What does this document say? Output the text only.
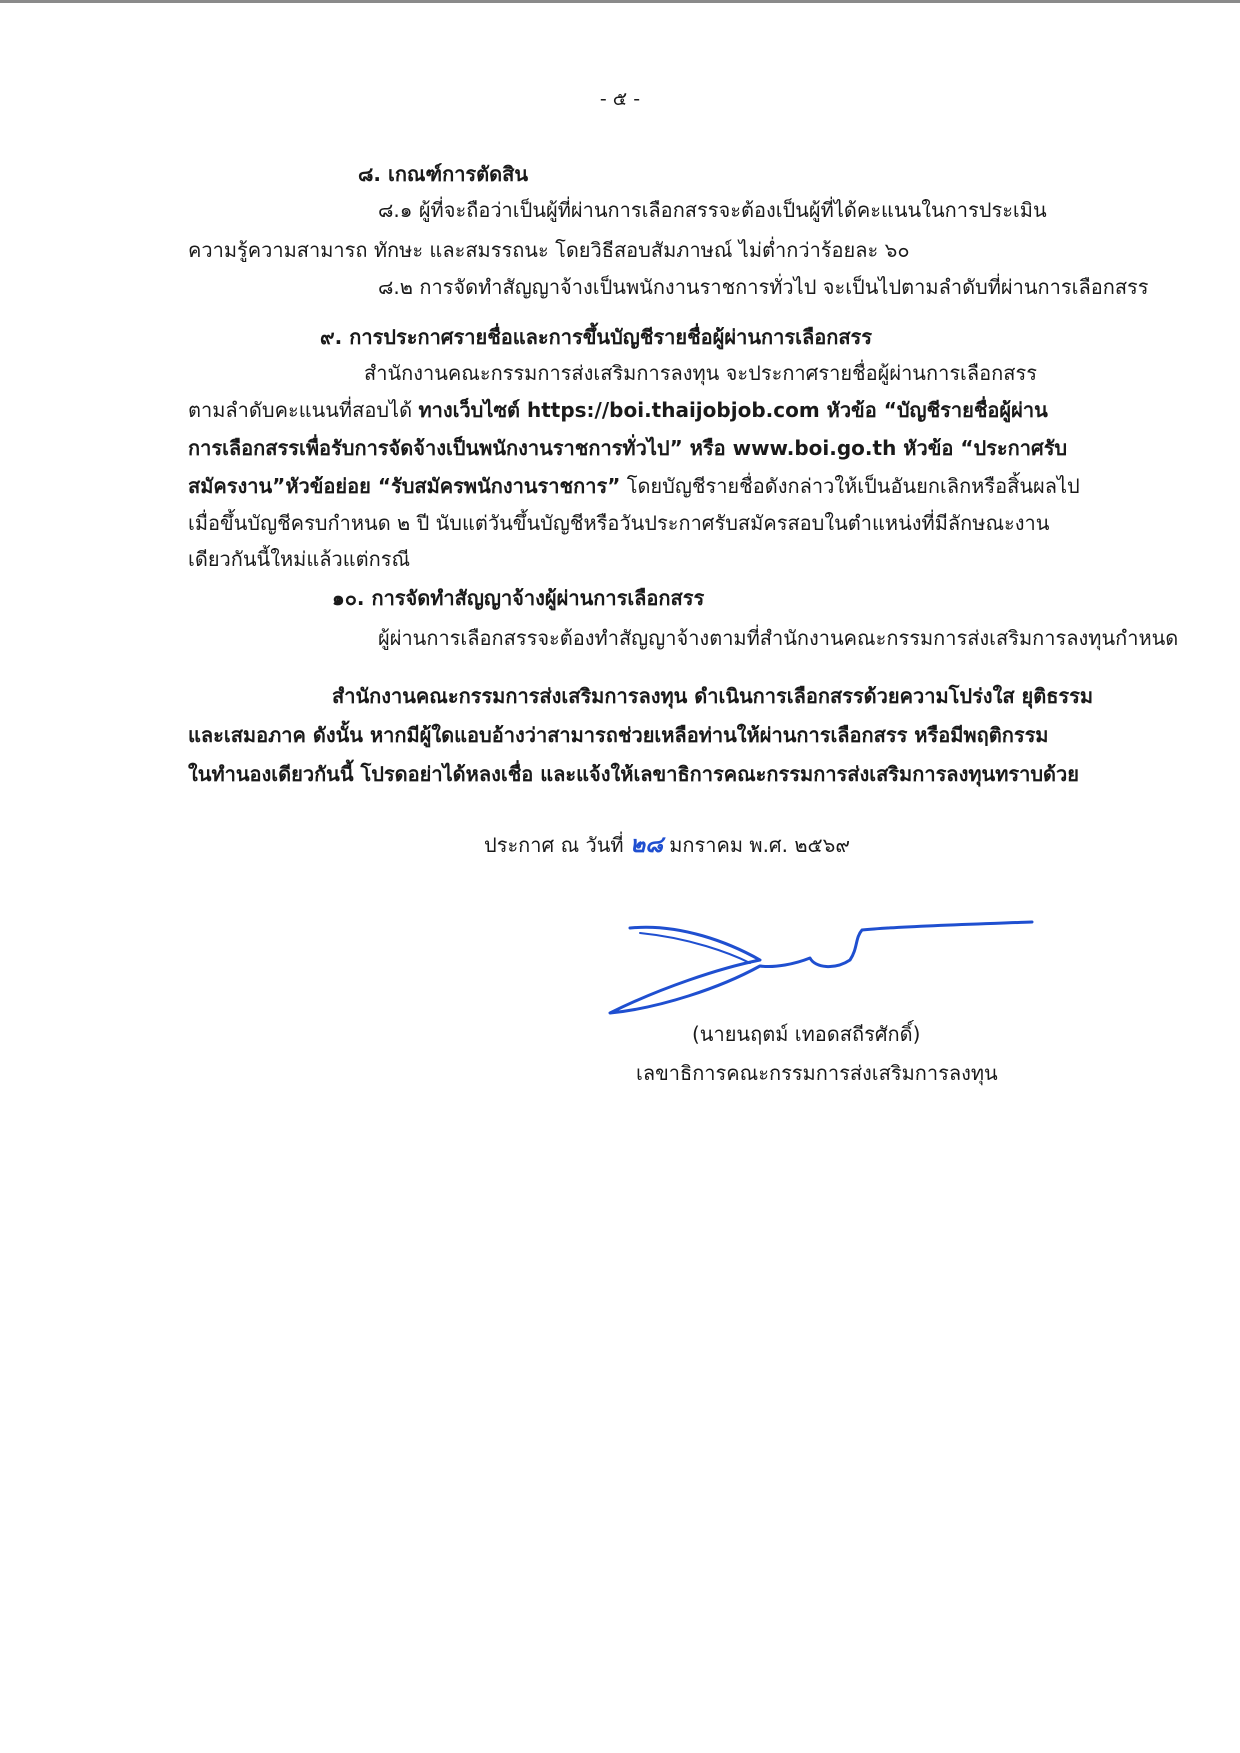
- ๕ -
๘. เกณฑ์การตัดสิน
๘.๑ ผู้ที่จะถือว่าเป็นผู้ที่ผ่านการเลือกสรรจะต้องเป็นผู้ที่ได้คะแนนในการประเมิน
ความรู้ความสามารถ ทักษะ และสมรรถนะ โดยวิธีสอบสัมภาษณ์ ไม่ต่ำกว่าร้อยละ ๖๐
๘.๒ การจัดทำสัญญาจ้างเป็นพนักงานราชการทั่วไป จะเป็นไปตามลำดับที่ผ่านการเลือกสรร
๙. การประกาศรายชื่อและการขึ้นบัญชีรายชื่อผู้ผ่านการเลือกสรร
สำนักงานคณะกรรมการส่งเสริมการลงทุน จะประกาศรายชื่อผู้ผ่านการเลือกสรร
ตามลำดับคะแนนที่สอบได้ ทางเว็บไซต์ https://boi.thaijobjob.com หัวข้อ “บัญชีรายชื่อผู้ผ่าน
การเลือกสรรเพื่อรับการจัดจ้างเป็นพนักงานราชการทั่วไป” หรือ www.boi.go.th หัวข้อ “ประกาศรับ
สมัครงาน”หัวข้อย่อย “รับสมัครพนักงานราชการ” โดยบัญชีรายชื่อดังกล่าวให้เป็นอันยกเลิกหรือสิ้นผลไป
เมื่อขึ้นบัญชีครบกำหนด ๒ ปี นับแต่วันขึ้นบัญชีหรือวันประกาศรับสมัครสอบในตำแหน่งที่มีลักษณะงาน
เดียวกันนี้ใหม่แล้วแต่กรณี
๑๐. การจัดทำสัญญาจ้างผู้ผ่านการเลือกสรร
ผู้ผ่านการเลือกสรรจะต้องทำสัญญาจ้างตามที่สำนักงานคณะกรรมการส่งเสริมการลงทุนกำหนด
สำนักงานคณะกรรมการส่งเสริมการลงทุน ดำเนินการเลือกสรรด้วยความโปร่งใส ยุติธรรม
และเสมอภาค ดังนั้น หากมีผู้ใดแอบอ้างว่าสามารถช่วยเหลือท่านให้ผ่านการเลือกสรร หรือมีพฤติกรรม
ในทำนองเดียวกันนี้ โปรดอย่าได้หลงเชื่อ และแจ้งให้เลขาธิการคณะกรรมการส่งเสริมการลงทุนทราบด้วย
ประกาศ ณ วันที่ ๒๘ มกราคม พ.ศ. ๒๕๖๙
(นายนฤตม์ เทอดสถีรศักดิ์)
เลขาธิการคณะกรรมการส่งเสริมการลงทุน
